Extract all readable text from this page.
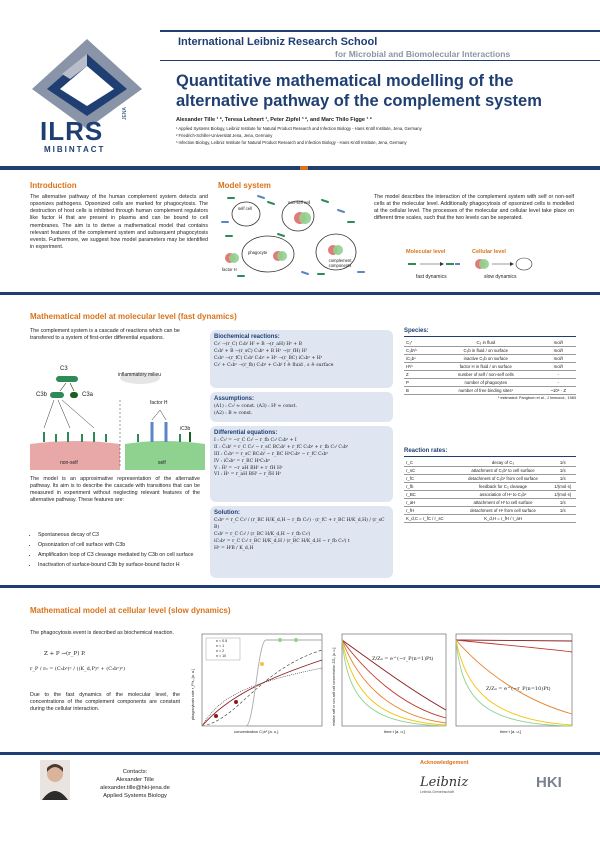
ILRS
JENA
MIBINTACT
International Leibniz Research School
for Microbial and Biomolecular Interactions
Quantitative mathematical modelling of the
alternative pathway of the complement system
Alexander Tille ¹ ², Teresa Lehnert ¹, Peter Zipfel ³ ², and Marc Thilo Figge ¹ ²
¹ Applied Systems Biology, Leibniz Institute for Natural Product Research and Infection Biology - Hans Knöll Institute, Jena, Germany
² Friedrich-Schiller-Universität Jena, Jena, Germany
³ Infection Biology, Leibniz Institute for Natural Product Research and Infection Biology - Hans Knöll Institute, Jena, Germany
Introduction
The alternative pathway of the human complement system detects and opsonizes pathogens. Opsonized cells are marked for phagocytosis. The destruction of host cells is inhibited through human complement regulators like factor H that are present in plasma and can be bound to cell membranes. The aim is to derive a mathematical model that contains relevant features of the complement system and subsequent phagocytosis events. Furthermore, we suggest how model parameters may be identified in experiment.
Model system
self cell
non-self cell
phagocyte
factor H
complement components
The model describes the interaction of the complement system with self or non-self cells at the molecular level. Additionally phagocytosis of opsonized cells is modelled at the cellular level. The processes of the molecular and cellular level take place on different time scales, such that the two levels can be seperated.
Molecular level	Cellular level
fast dynamics	slow dynamics
Mathematical model at molecular level (fast dynamics)
The complement system is a cascade of reactions which can be transfered to a system of first-order differential equations.
C3
C3b	C3a
inflammatory milieu
factor H
iC3b
non-self	self
The model is an approximative representation of the alternative pathway. Its aim is to describe the cascade with transitions that can be measured in experiment without neglecting relevant features of the alternative pathway. These features are:
• Spontaneous decay of C3
• Opsonization of cell surface with C3b
• Amplification loop of C3 cleavage mediated by C3b on cell surface
• Inactivation of surface-bound C3b by surface-bound factor H
Biochemical reactions:
C₃ᶠ →(r_C) C₃bᶠ Hᶠ + B →(r_aH) Hˢ + B
C₃bᶠ + B →(r_sC) C₃bˢ + B Hˢ →(r_fH) Hᶠ
C₃bˢ →(r_fC) C₃bᶠ C₃bˢ + Hˢ →(r_BC) iC₃bˢ + Hˢ
C₃ᶠ + C₃bˢ →(r_fb) C₃bˢ + C₃bᶠ f ≙ fluid , s ≙ surface
Assumptions:
(A1) : C₃ᶠ ≈ const. (A3) : Hᶠ ≈ const.
(A2) : B ≈ const.
Differential equations:
I : Ċ₃ᶠ = −r_C C₃ᶠ − r_fb C₃ᶠ C₃bˢ + I
II : Ċ₃bᶠ = r_C C₃ᶠ − r_sC BC₃bᶠ + r_fC C₃bˢ + r_fb C₃ᶠ C₃bˢ
III : Ċ₃bˢ = r_sC BC₃bᶠ − r_BC HˢC₃bˢ − r_fC C₃bˢ
IV : iĊ₃bˢ = r_BC HˢC₃bˢ
V : Ḣᶠ = −r_aH BHᶠ + r_fH Hˢ
VI : Ḣˢ = r_aH BHᶠ − r_fH Hˢ
Solution:
C₃bˢ = r_C C₃ᶠ / (r_BC H/K_d,H − r_fb C₃ᶠ) · (r_fC + r_BC H/K_d,H) / (r_sC B)
C₃bᶠ = r_C C₃ᶠ / (r_BC H/K_d,H − r_fb C₃ᶠ)
iC₃bˢ = r_C C₃ᶠ r_BC H/K_d,H / (r_BC H/K_d,H − r_fb C₃ᶠ) t
Hˢ = HᶠB / K_d,H
Species:
C₃ᶠ	C₃ in fluid	mol/l
C₃bᶠ/ˢ	C₃b in fluid / on surface	mol/l
iC₃bˢ	inactive C₃b on surface	mol/l
Hᶠ/ˢ	factor H in fluid / on surface	mol/l
Z	number of self / non-self cells	-
P	number of phagocytes	-
B	number of free binding sites¹	~10⁵ · Z
¹ estimated: Pangburn et al., J Immunol., 1983
Reaction rates:
r_C	decay of C₃	1/s
r_sC	attachment of C₃bᶠ to cell surface	1/s
r_fC	detachment of C₃bˢ from cell surface	1/s
r_fb	feedback for C₃ cleavage	1/(mol·s)
r_BC	association of Hˢ to C₃bˢ	1/(mol·s)
r_aH	attachment of Hᶠ to cell surface	1/s
r_fH	detachment of Hˢ from cell surface	1/s
K_d,C = r_fC / r_sC	K_d,H = r_fH / r_aH	
Mathematical model at cellular level (slow dynamics)
The phagocytosis event is described as biochemical reaction.
Z + P →(r_P) P.
r_P / r₀ = (C₃bˢ)ⁿ / ((K_d,P)ⁿ + (C₃bˢ)ⁿ)
Due to the fast dynamics of the molecular level, the concentrations of the complement components are constant during the cellular interaction.
n = 0.5
n = 1
n = 2
n = 10
phagocytosis rate r_P/r₀ [a. u.]
concentration C₃bˢ [a. u.]
Z/Z₀ = e^(−r_P(n=1)Pt)
relative self or non-self cell concentration Z/Z₀ [a. u.]
time t [a. u.]
Z/Z₀ = e^(−r_P(n=10)Pt)
time t [a. u.]
Contacts:
Alexander Tille
alexander.tille@hki-jena.de
Applied Systems Biology
Acknowledgement
Leibniz
Leibniz-Gemeinschaft
HKI
